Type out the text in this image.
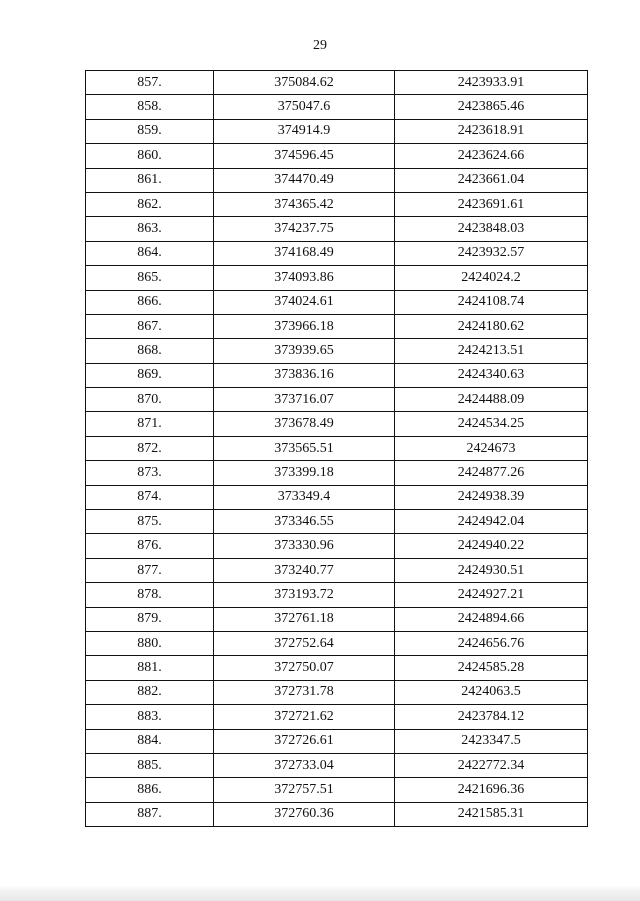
29
857.	375084.62	2423933.91
858.	375047.6	2423865.46
859.	374914.9	2423618.91
860.	374596.45	2423624.66
861.	374470.49	2423661.04
862.	374365.42	2423691.61
863.	374237.75	2423848.03
864.	374168.49	2423932.57
865.	374093.86	2424024.2
866.	374024.61	2424108.74
867.	373966.18	2424180.62
868.	373939.65	2424213.51
869.	373836.16	2424340.63
870.	373716.07	2424488.09
871.	373678.49	2424534.25
872.	373565.51	2424673
873.	373399.18	2424877.26
874.	373349.4	2424938.39
875.	373346.55	2424942.04
876.	373330.96	2424940.22
877.	373240.77	2424930.51
878.	373193.72	2424927.21
879.	372761.18	2424894.66
880.	372752.64	2424656.76
881.	372750.07	2424585.28
882.	372731.78	2424063.5
883.	372721.62	2423784.12
884.	372726.61	2423347.5
885.	372733.04	2422772.34
886.	372757.51	2421696.36
887.	372760.36	2421585.31
